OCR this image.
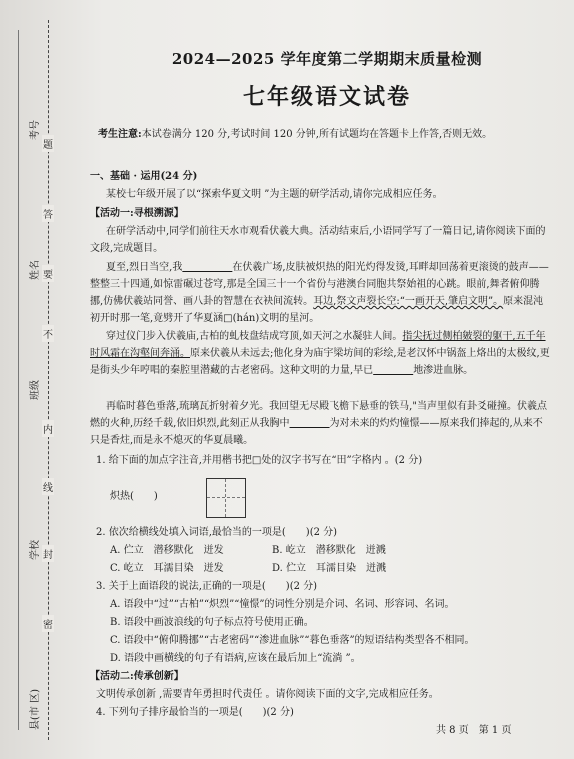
考号
姓名
班级
学校
县(市 区)
题
答
要
不
内
线
封
密
2024—2025 学年度第二学期期末质量检测
七年级语文试卷
考生注意:本试卷满分 120 分,考试时间 120 分钟,所有试题均在答题卡上作答,否则无效。
一、基础 · 运用(24 分)
某校七年级开展了以“探索华夏文明 ”为主题的研学活动,请你完成相应任务。
【活动一:寻根溯源】
在研学活动中,同学们前往天水市观看伏羲大典。活动结束后,小语同学写了一篇日记,请你阅读下面的文段,完成题目。
夏至,烈日当空,我　　　　　	在伏羲广场,皮肤被炽热的阳光灼得发烫,耳畔却回荡着更滚烫的鼓声——整整三十四通,如惊雷碾过苍穹,那是全国三十一个省份与港澳台同胞共祭始祖的心跳。眼前,舞者俯仰腾挪,仿佛伏羲站同誉、画八卦的智慧在衣袂间流转。耳边,祭文声裂长空:“一画开天,肇启文明”。原来混沌初开时那一笔,竟劈开了华夏涵□(hán)文明的星河。
穿过仪门步入伏羲庙,古柏的虬枝盘结成穹顶,如天河之水凝驻人间。指尖抚过侧柏皴裂的躯干,五千年时风霜在沟壑间奔涌。原来伏羲从未远去;他化身为庙宇梁坊间的彩绘,是老汉怀中锅盔上烙出的太极纹,更是街头少年哼唱的秦腔里潜藏的古老密码。这种文明的力量,早已　　　　	地渗进血脉。
再临时暮色垂落,琉璃瓦折射着夕光。我回望无尽殿飞檐下悬垂的铁马,"当声里似有卦爻碰撞。伏羲点燃的火种,历经千载,依旧炽烈,此刻正从我胸中　　　　	为对未来的灼灼憧憬——原来我们捧起的,从来不只是香炷,而是永不熄灭的华夏晨曦。
1. 给下面的加点字注音,并用楷书把□处的汉字书写在“田”字格内 。(2 分)
炽热(　　)
2. 依次给横线处填入词语,最恰当的一项是(　　)(2 分)
A. 伫立　潜移默化　迸发	B. 屹立　潜移默化　迸溅
C. 屹立　耳濡目染　迸发	D. 伫立　耳濡目染　迸溅
3. 关于上面语段的说法,正确的一项是(　　)(2 分)
A. 语段中“过”“古柏”“炽烈”“憧憬”的词性分别是介词、名词、形容词、名词。
B. 语段中画波浪线的句子标点符号使用正确。
C. 语段中“俯仰腾挪”“古老密码”“渗进血脉”“暮色垂落”的短语结构类型各不相同。
D. 语段中画横线的句子有语病,应该在最后加上“流淌 ”。
【活动二:传承创新】
文明传承创新 ,需要青年勇担时代责任 。请你阅读下面的文字,完成相应任务。
4. 下列句子排序最恰当的一项是(　　)(2 分)
共 8 页　第 1 页
